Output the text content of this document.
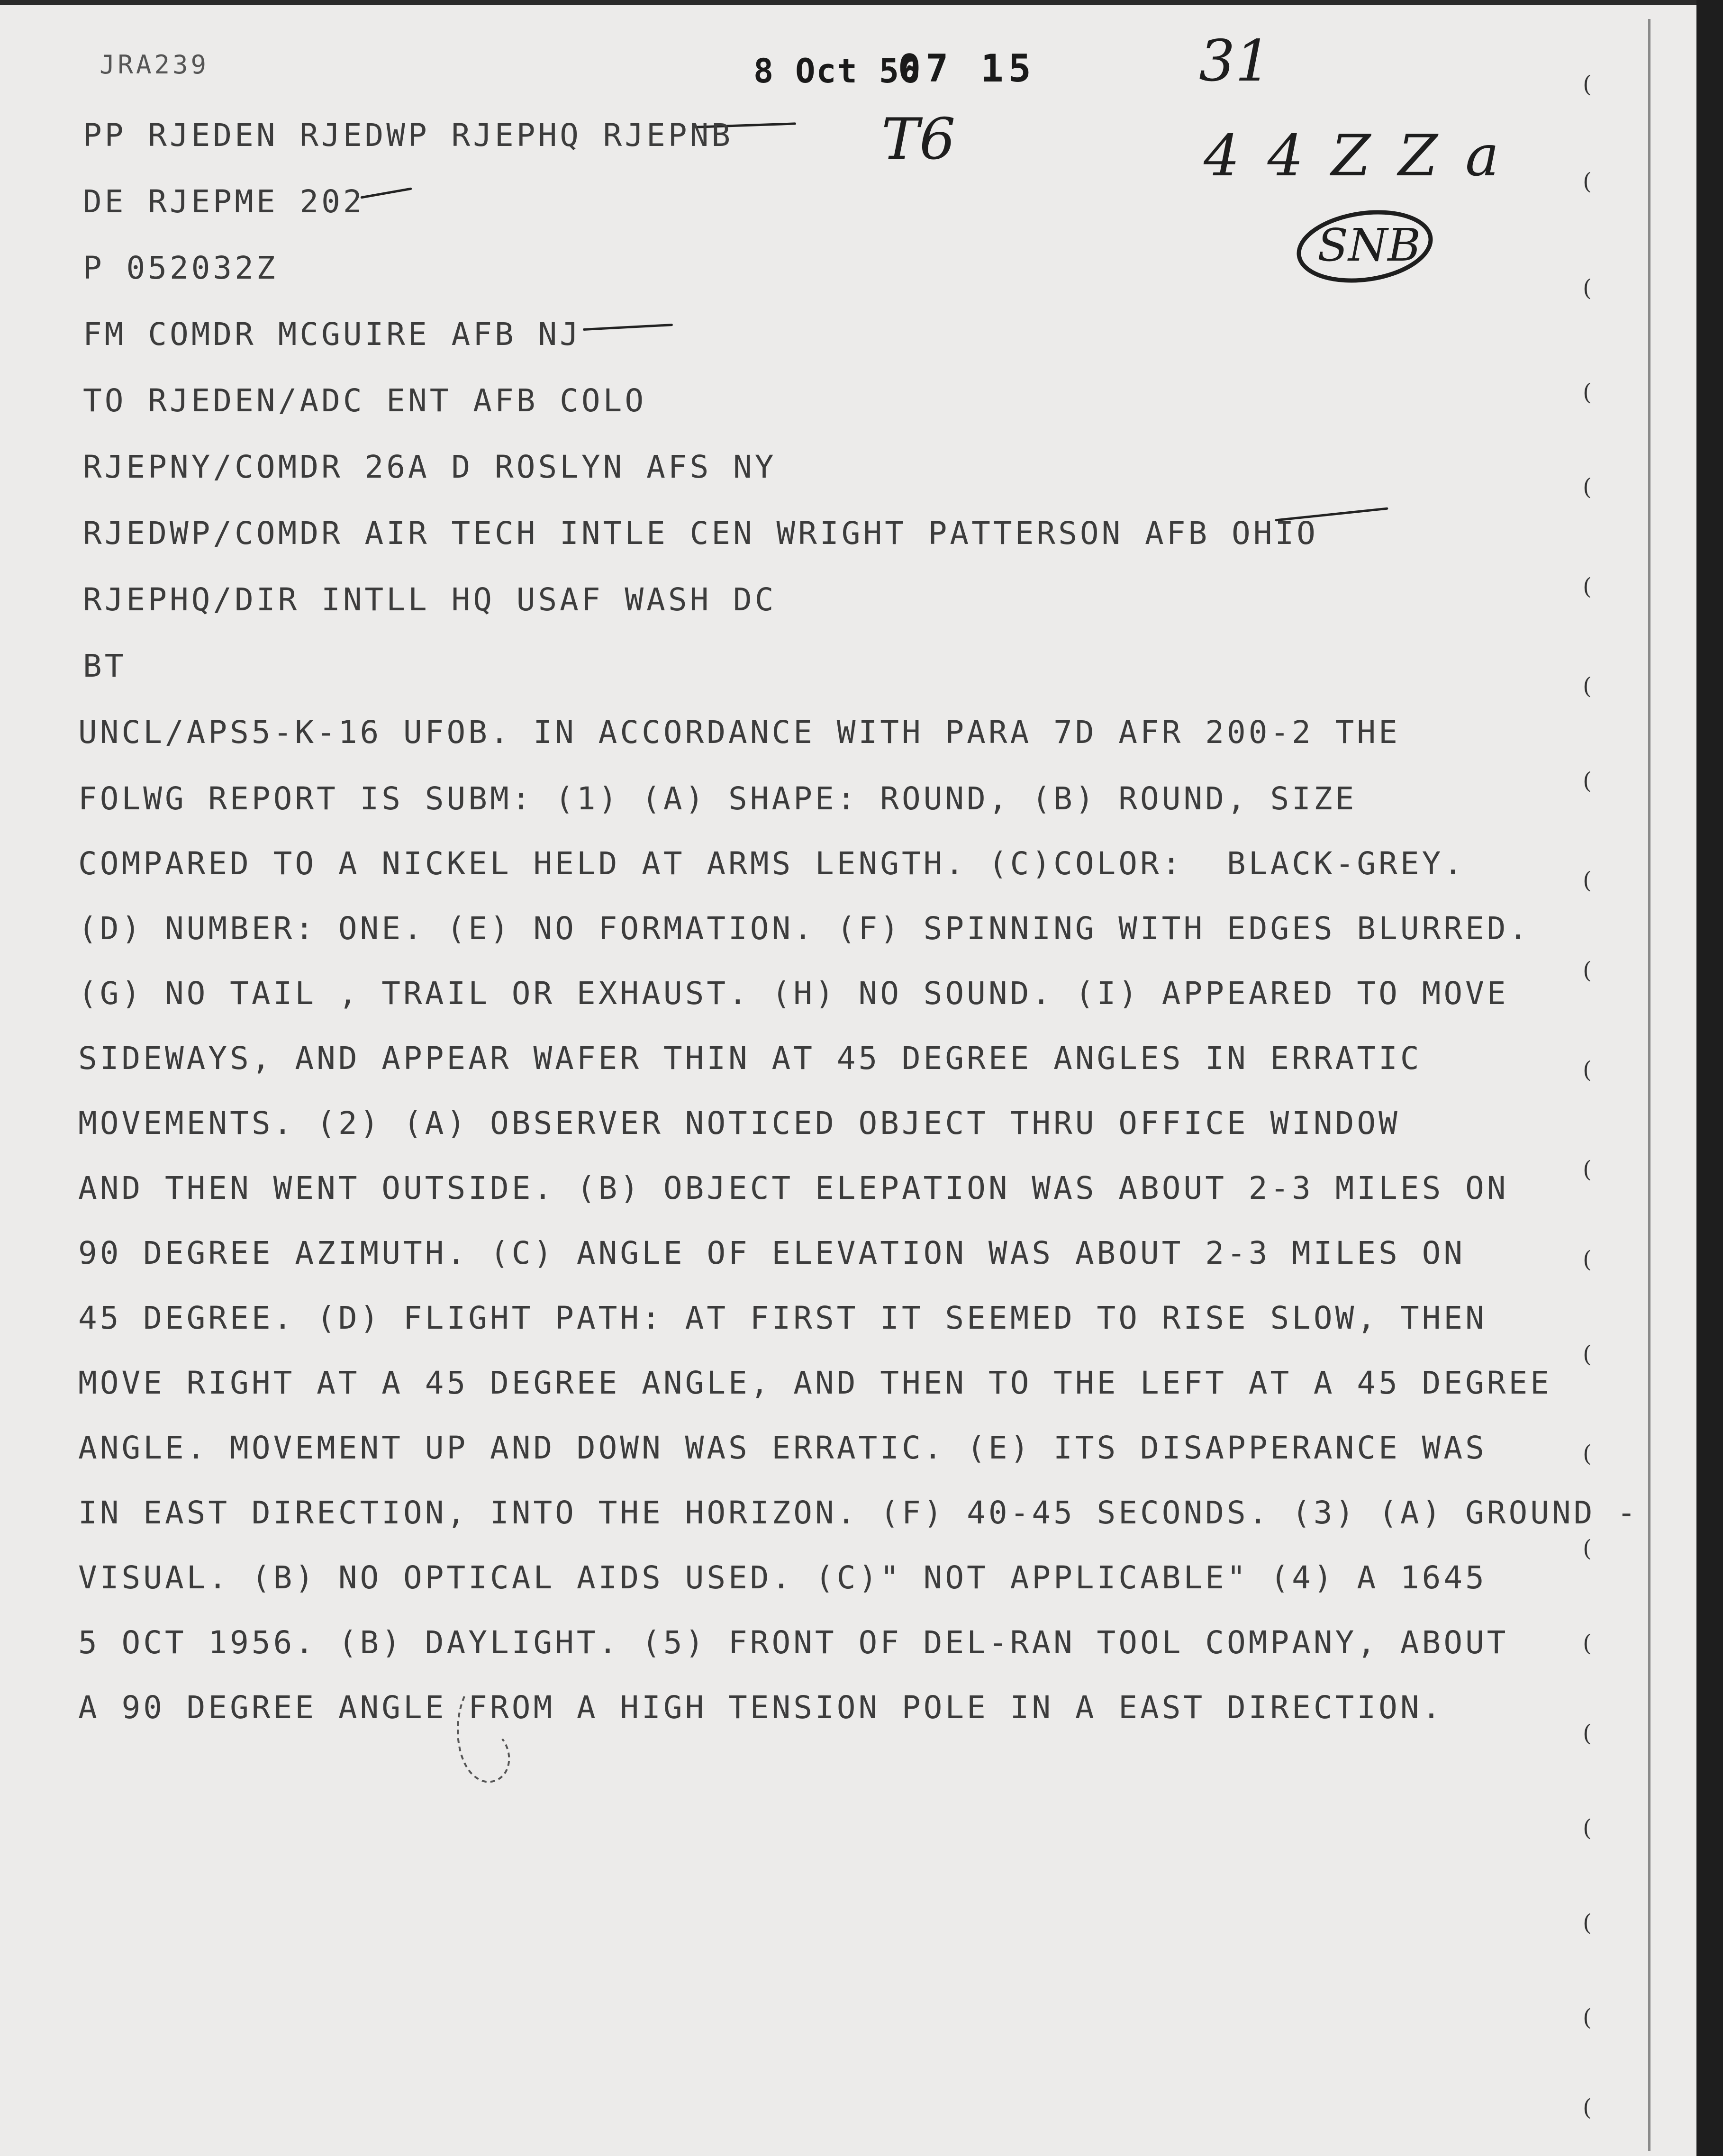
JRA239	8 Oct 56
07 15	31
4 4 Z Z a
T6
SNB
PP RJEDEN RJEDWP RJEPHQ RJEPNB
DE RJEPME 202
P 052032Z
FM COMDR MCGUIRE AFB NJ
TO RJEDEN/ADC ENT AFB COLO
RJEPNY/COMDR 26A D ROSLYN AFS NY
RJEDWP/COMDR AIR TECH INTLE CEN WRIGHT PATTERSON AFB OHIO
RJEPHQ/DIR INTLL HQ USAF WASH DC
BT
UNCL/APS5-K-16 UFOB. IN ACCORDANCE WITH PARA 7D AFR 200-2 THE
FOLWG REPORT IS SUBM: (1) (A) SHAPE: ROUND, (B) ROUND, SIZE
COMPARED TO A NICKEL HELD AT ARMS LENGTH. (C)COLOR:  BLACK-GREY.
(D) NUMBER: ONE. (E) NO FORMATION. (F) SPINNING WITH EDGES BLURRED.
(G) NO TAIL , TRAIL OR EXHAUST. (H) NO SOUND. (I) APPEARED TO MOVE
SIDEWAYS, AND APPEAR WAFER THIN AT 45 DEGREE ANGLES IN ERRATIC
MOVEMENTS. (2) (A) OBSERVER NOTICED OBJECT THRU OFFICE WINDOW
AND THEN WENT OUTSIDE. (B) OBJECT ELEPATION WAS ABOUT 2-3 MILES ON
90 DEGREE AZIMUTH. (C) ANGLE OF ELEVATION WAS ABOUT 2-3 MILES ON
45 DEGREE. (D) FLIGHT PATH: AT FIRST IT SEEMED TO RISE SLOW, THEN
MOVE RIGHT AT A 45 DEGREE ANGLE, AND THEN TO THE LEFT AT A 45 DEGREE
ANGLE. MOVEMENT UP AND DOWN WAS ERRATIC. (E) ITS DISAPPERANCE WAS
IN EAST DIRECTION, INTO THE HORIZON. (F) 40-45 SECONDS. (3) (A) GROUND -
VISUAL. (B) NO OPTICAL AIDS USED. (C)" NOT APPLICABLE" (4) A 1645
5 OCT 1956. (B) DAYLIGHT. (5) FRONT OF DEL-RAN TOOL COMPANY, ABOUT
A 90 DEGREE ANGLE FROM A HIGH TENSION POLE IN A EAST DIRECTION.
(
(
(
(
(
(
(
(
(
(
(
(
(
(
(
(
(
(
(
(
(
(
